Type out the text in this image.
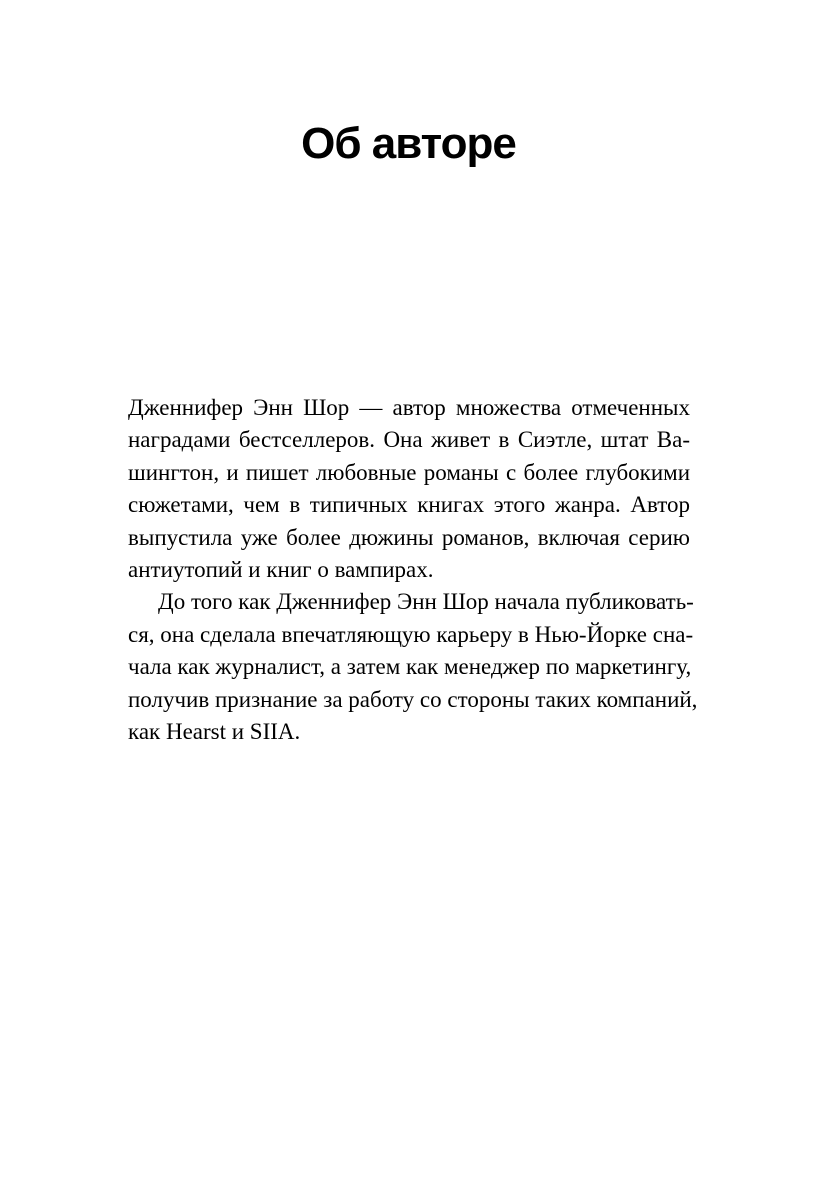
Об авторе
Дженнифер Энн Шор — автор множества отмеченных
наградами бестселлеров. Она живет в Сиэтле, штат Ва-
шингтон, и пишет любовные романы с более глубокими
сюжетами, чем в типичных книгах этого жанра. Автор
выпустила уже более дюжины романов, включая серию
антиутопий и книг о вампирах.
До того как Дженнифер Энн Шор начала публиковать-
ся, она сделала впечатляющую карьеру в Нью-Йорке сна-
чала как журналист, а затем как менеджер по маркетингу,
получив признание за работу со стороны таких компаний,
как Hearst и SIIA.
